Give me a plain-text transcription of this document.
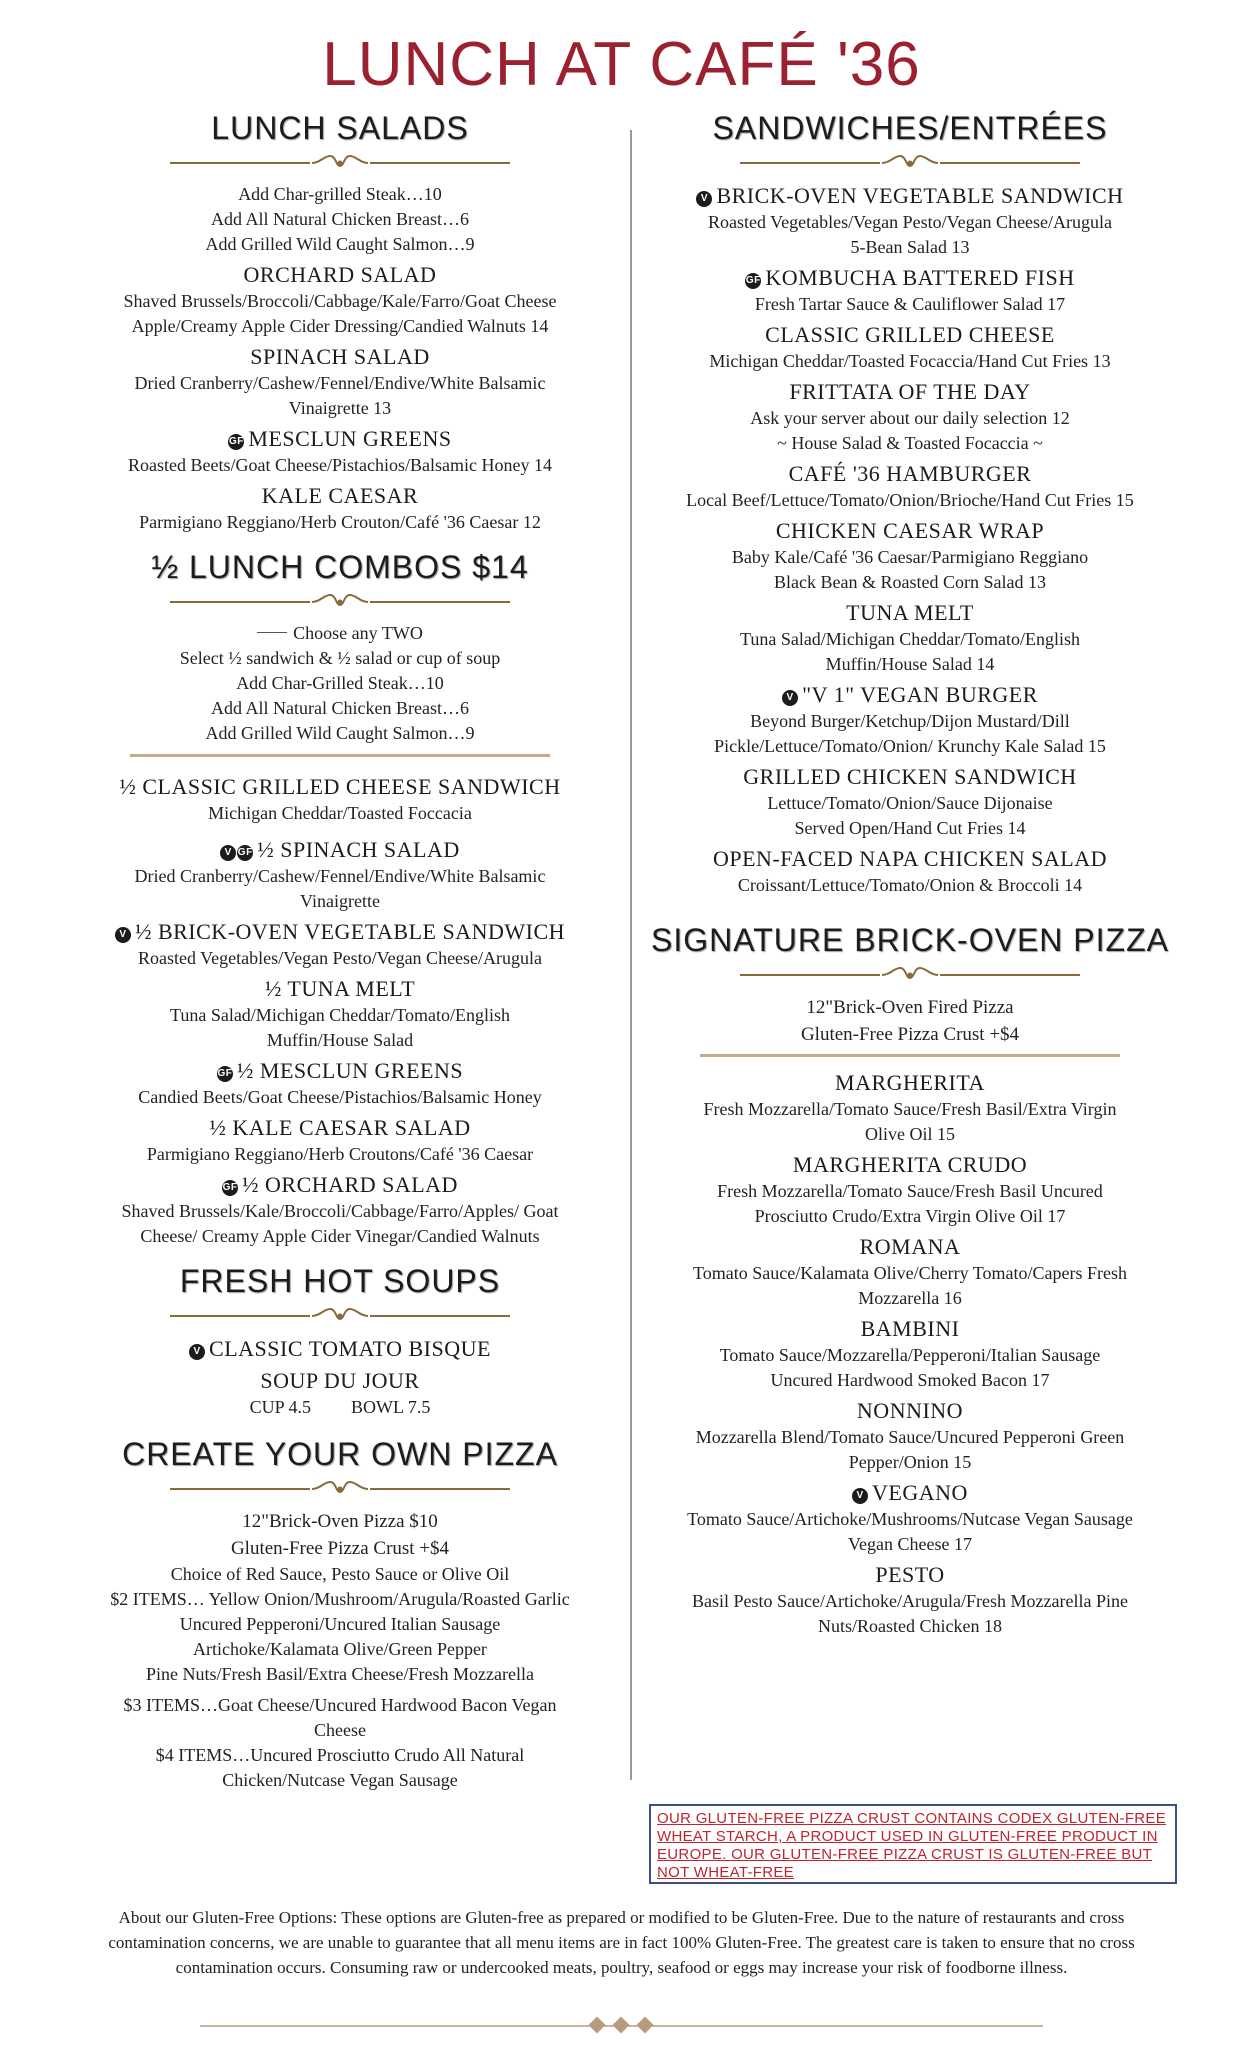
LUNCH AT CAFÉ '36
LUNCH SALADS
Add Char-grilled Steak…10
Add All Natural Chicken Breast…6
Add Grilled Wild Caught Salmon…9
ORCHARD SALAD
Shaved Brussels/Broccoli/Cabbage/Kale/Farro/Goat Cheese
Apple/Creamy Apple Cider Dressing/Candied Walnuts 14
SPINACH SALAD
Dried Cranberry/Cashew/Fennel/Endive/White Balsamic
Vinaigrette 13
GF MESCLUN GREENS
Roasted Beets/Goat Cheese/Pistachios/Balsamic Honey 14
KALE CAESAR
Parmigiano Reggiano/Herb Crouton/Café '36 Caesar 12
½ LUNCH COMBOS $14
Choose any TWO
Select ½ sandwich & ½ salad or cup of soup
Add Char-Grilled Steak…10
Add All Natural Chicken Breast…6
Add Grilled Wild Caught Salmon…9
½ CLASSIC GRILLED CHEESE SANDWICH
Michigan Cheddar/Toasted Foccacia
V GF ½ SPINACH SALAD
Dried Cranberry/Cashew/Fennel/Endive/White Balsamic
Vinaigrette
V ½ BRICK-OVEN VEGETABLE SANDWICH
Roasted Vegetables/Vegan Pesto/Vegan Cheese/Arugula
½ TUNA MELT
Tuna Salad/Michigan Cheddar/Tomato/English
Muffin/House Salad
GF ½ MESCLUN GREENS
Candied Beets/Goat Cheese/Pistachios/Balsamic Honey
½ KALE CAESAR SALAD
Parmigiano Reggiano/Herb Croutons/Café '36 Caesar
GF ½ ORCHARD SALAD
Shaved Brussels/Kale/Broccoli/Cabbage/Farro/Apples/ Goat
Cheese/ Creamy Apple Cider Vinegar/Candied Walnuts
FRESH HOT SOUPS
V CLASSIC TOMATO BISQUE
SOUP DU JOUR
CUP 4.5 BOWL 7.5
CREATE YOUR OWN PIZZA
12"Brick-Oven Pizza $10
Gluten-Free Pizza Crust +$4
Choice of Red Sauce, Pesto Sauce or Olive Oil
$2 ITEMS… Yellow Onion/Mushroom/Arugula/Roasted Garlic
Uncured Pepperoni/Uncured Italian Sausage
Artichoke/Kalamata Olive/Green Pepper
Pine Nuts/Fresh Basil/Extra Cheese/Fresh Mozzarella
$3 ITEMS…Goat Cheese/Uncured Hardwood Bacon Vegan
Cheese
$4 ITEMS…Uncured Prosciutto Crudo All Natural
Chicken/Nutcase Vegan Sausage
SANDWICHES/ENTRÉES
V BRICK-OVEN VEGETABLE SANDWICH
Roasted Vegetables/Vegan Pesto/Vegan Cheese/Arugula
5-Bean Salad 13
GF KOMBUCHA BATTERED FISH
Fresh Tartar Sauce & Cauliflower Salad 17
CLASSIC GRILLED CHEESE
Michigan Cheddar/Toasted Focaccia/Hand Cut Fries 13
FRITTATA OF THE DAY
Ask your server about our daily selection 12
~ House Salad & Toasted Focaccia ~
CAFÉ '36 HAMBURGER
Local Beef/Lettuce/Tomato/Onion/Brioche/Hand Cut Fries 15
CHICKEN CAESAR WRAP
Baby Kale/Café '36 Caesar/Parmigiano Reggiano
Black Bean & Roasted Corn Salad 13
TUNA MELT
Tuna Salad/Michigan Cheddar/Tomato/English
Muffin/House Salad 14
V "V 1" VEGAN BURGER
Beyond Burger/Ketchup/Dijon Mustard/Dill
Pickle/Lettuce/Tomato/Onion/ Krunchy Kale Salad 15
GRILLED CHICKEN SANDWICH
Lettuce/Tomato/Onion/Sauce Dijonaise
Served Open/Hand Cut Fries 14
OPEN-FACED NAPA CHICKEN SALAD
Croissant/Lettuce/Tomato/Onion & Broccoli 14
SIGNATURE BRICK-OVEN PIZZA
12"Brick-Oven Fired Pizza
Gluten-Free Pizza Crust +$4
MARGHERITA
Fresh Mozzarella/Tomato Sauce/Fresh Basil/Extra Virgin
Olive Oil 15
MARGHERITA CRUDO
Fresh Mozzarella/Tomato Sauce/Fresh Basil Uncured
Prosciutto Crudo/Extra Virgin Olive Oil 17
ROMANA
Tomato Sauce/Kalamata Olive/Cherry Tomato/Capers Fresh
Mozzarella 16
BAMBINI
Tomato Sauce/Mozzarella/Pepperoni/Italian Sausage
Uncured Hardwood Smoked Bacon 17
NONNINO
Mozzarella Blend/Tomato Sauce/Uncured Pepperoni Green
Pepper/Onion 15
V VEGANO
Tomato Sauce/Artichoke/Mushrooms/Nutcase Vegan Sausage
Vegan Cheese 17
PESTO
Basil Pesto Sauce/Artichoke/Arugula/Fresh Mozzarella Pine
Nuts/Roasted Chicken 18
OUR GLUTEN-FREE PIZZA CRUST CONTAINS CODEX GLUTEN-FREE WHEAT STARCH, A PRODUCT USED IN GLUTEN-FREE PRODUCT IN EUROPE. OUR GLUTEN-FREE PIZZA CRUST IS GLUTEN-FREE BUT NOT WHEAT-FREE
About our Gluten-Free Options: These options are Gluten-free as prepared or modified to be Gluten-Free. Due to the nature of restaurants and cross contamination concerns, we are unable to guarantee that all menu items are in fact 100% Gluten-Free. The greatest care is taken to ensure that no cross contamination occurs. Consuming raw or undercooked meats, poultry, seafood or eggs may increase your risk of foodborne illness.
